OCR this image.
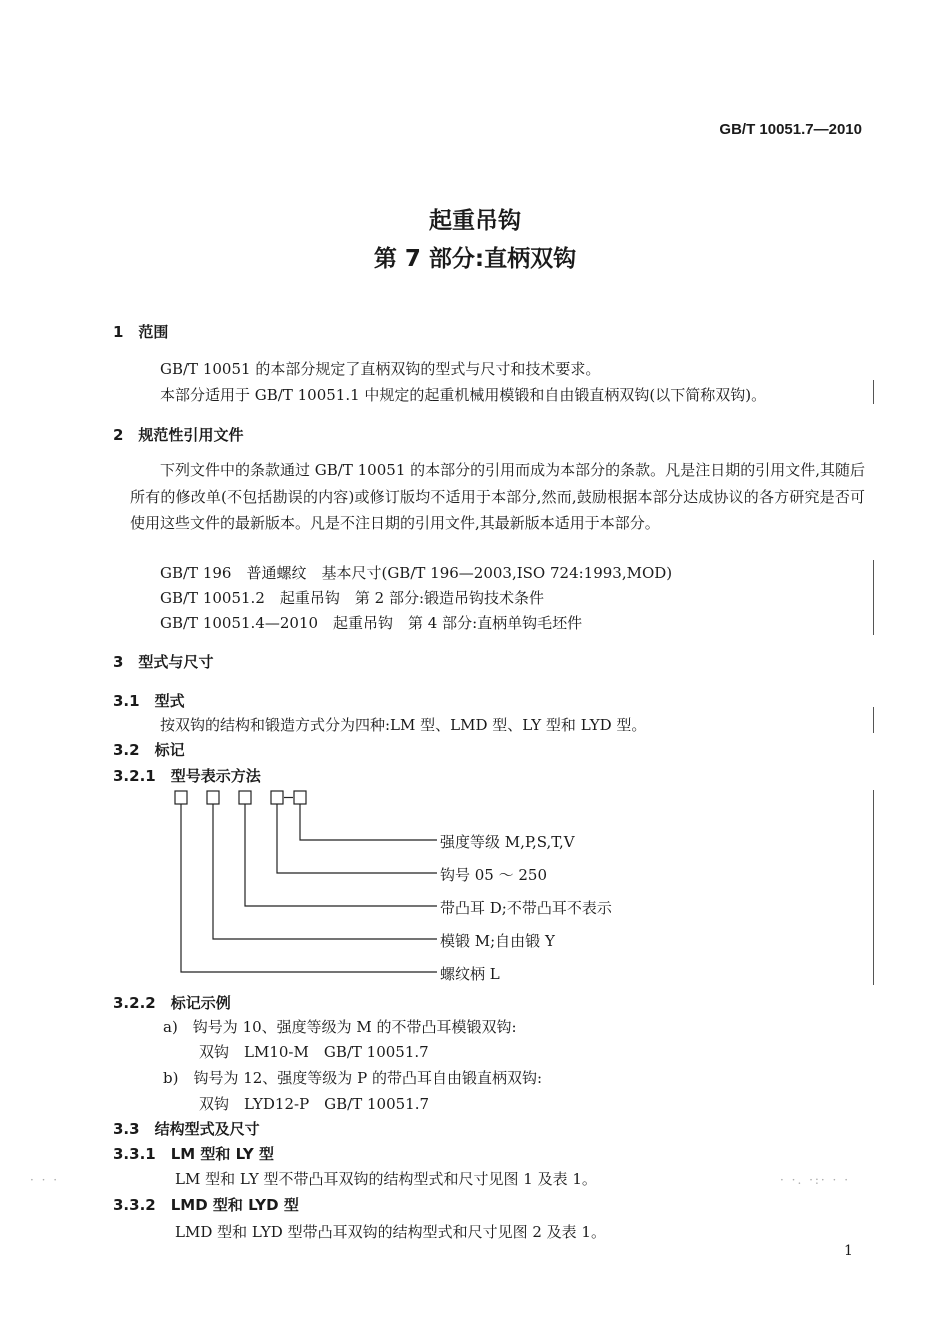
GB/T 10051.7—2010
起重吊钩
第 7 部分:直柄双钩
1　范围
GB/T 10051 的本部分规定了直柄双钩的型式与尺寸和技术要求。
本部分适用于 GB/T 10051.1 中规定的起重机械用模锻和自由锻直柄双钩(以下简称双钩)。
2　规范性引用文件
下列文件中的条款通过 GB/T 10051 的本部分的引用而成为本部分的条款。凡是注日期的引用文件,其随后所有的修改单(不包括勘误的内容)或修订版均不适用于本部分,然而,鼓励根据本部分达成协议的各方研究是否可使用这些文件的最新版本。凡是不注日期的引用文件,其最新版本适用于本部分。
GB/T 196　普通螺纹　基本尺寸(GB/T 196—2003,ISO 724:1993,MOD)
GB/T 10051.2　起重吊钩　第 2 部分:锻造吊钩技术条件
GB/T 10051.4—2010　起重吊钩　第 4 部分:直柄单钩毛坯件
3　型式与尺寸
3.1　型式
按双钩的结构和锻造方式分为四种:LM 型、LMD 型、LY 型和 LYD 型。
3.2　标记
3.2.1　型号表示方法
强度等级 M,P,S,T,V
钩号 05 ～ 250
带凸耳 D;不带凸耳不表示
模锻 M;自由锻 Y
螺纹柄 L
3.2.2　标记示例
a)　钩号为 10、强度等级为 M 的不带凸耳模锻双钩:
双钩　LM10-M　GB/T 10051.7
b)　钩号为 12、强度等级为 P 的带凸耳自由锻直柄双钩:
双钩　LYD12-P　GB/T 10051.7
3.3　结构型式及尺寸
3.3.1　LM 型和 LY 型
LM 型和 LY 型不带凸耳双钩的结构型式和尺寸见图 1 及表 1。
3.3.2　LMD 型和 LYD 型
LMD 型和 LYD 型带凸耳双钩的结构型式和尺寸见图 2 及表 1。
· · ·	· ·. ·:· · ·
1
